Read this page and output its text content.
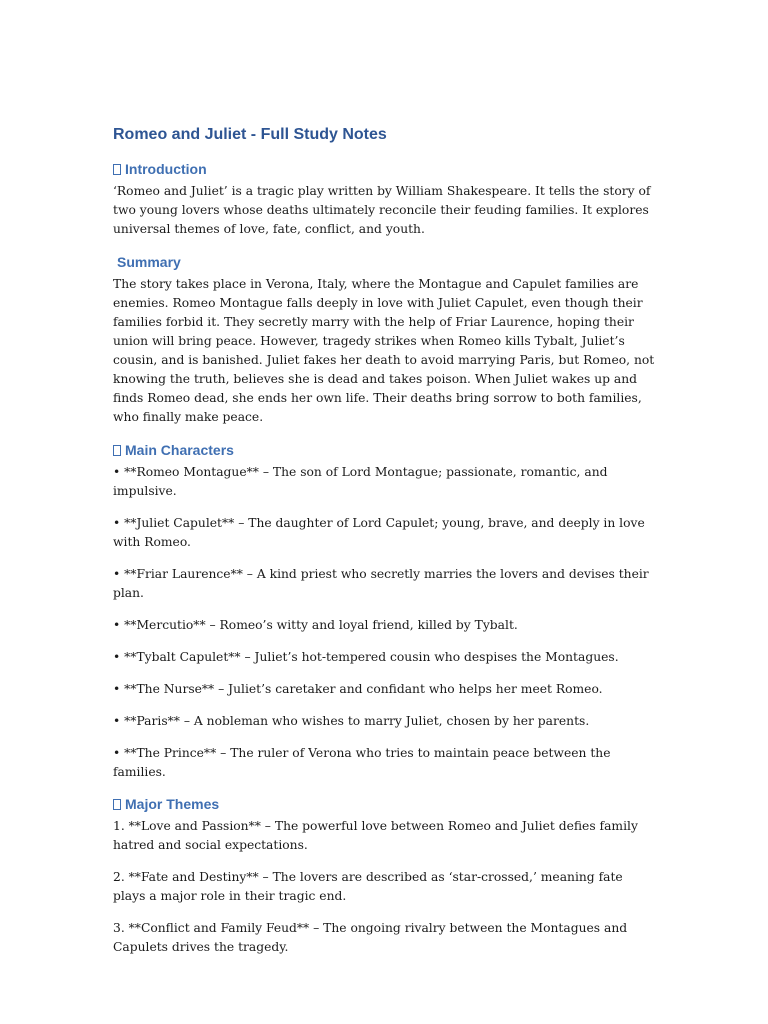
Romeo and Juliet - Full Study Notes
Introduction

‘Romeo and Juliet’ is a tragic play written by William Shakespeare. It tells the story of two young lovers whose deaths ultimately reconcile their feuding families. It explores universal themes of love, fate, conflict, and youth.

Summary

The story takes place in Verona, Italy, where the Montague and Capulet families are enemies. Romeo Montague falls deeply in love with Juliet Capulet, even though their families forbid it. They secretly marry with the help of Friar Laurence, hoping their union will bring peace. However, tragedy strikes when Romeo kills Tybalt, Juliet’s cousin, and is banished. Juliet fakes her death to avoid marrying Paris, but Romeo, not knowing the truth, believes she is dead and takes poison. When Juliet wakes up and finds Romeo dead, she ends her own life. Their deaths bring sorrow to both families, who finally make peace.

Main Characters

• **Romeo Montague** – The son of Lord Montague; passionate, romantic, and impulsive.

• **Juliet Capulet** – The daughter of Lord Capulet; young, brave, and deeply in love with Romeo.

• **Friar Laurence** – A kind priest who secretly marries the lovers and devises their plan.

• **Mercutio** – Romeo’s witty and loyal friend, killed by Tybalt.

• **Tybalt Capulet** – Juliet’s hot-tempered cousin who despises the Montagues.

• **The Nurse** – Juliet’s caretaker and confidant who helps her meet Romeo.

• **Paris** – A nobleman who wishes to marry Juliet, chosen by her parents.

• **The Prince** – The ruler of Verona who tries to maintain peace between the families.

Major Themes

1. **Love and Passion** – The powerful love between Romeo and Juliet defies family hatred and social expectations.

2. **Fate and Destiny** – The lovers are described as ‘star-crossed,’ meaning fate plays a major role in their tragic end.

3. **Conflict and Family Feud** – The ongoing rivalry between the Montagues and Capulets drives the tragedy.
